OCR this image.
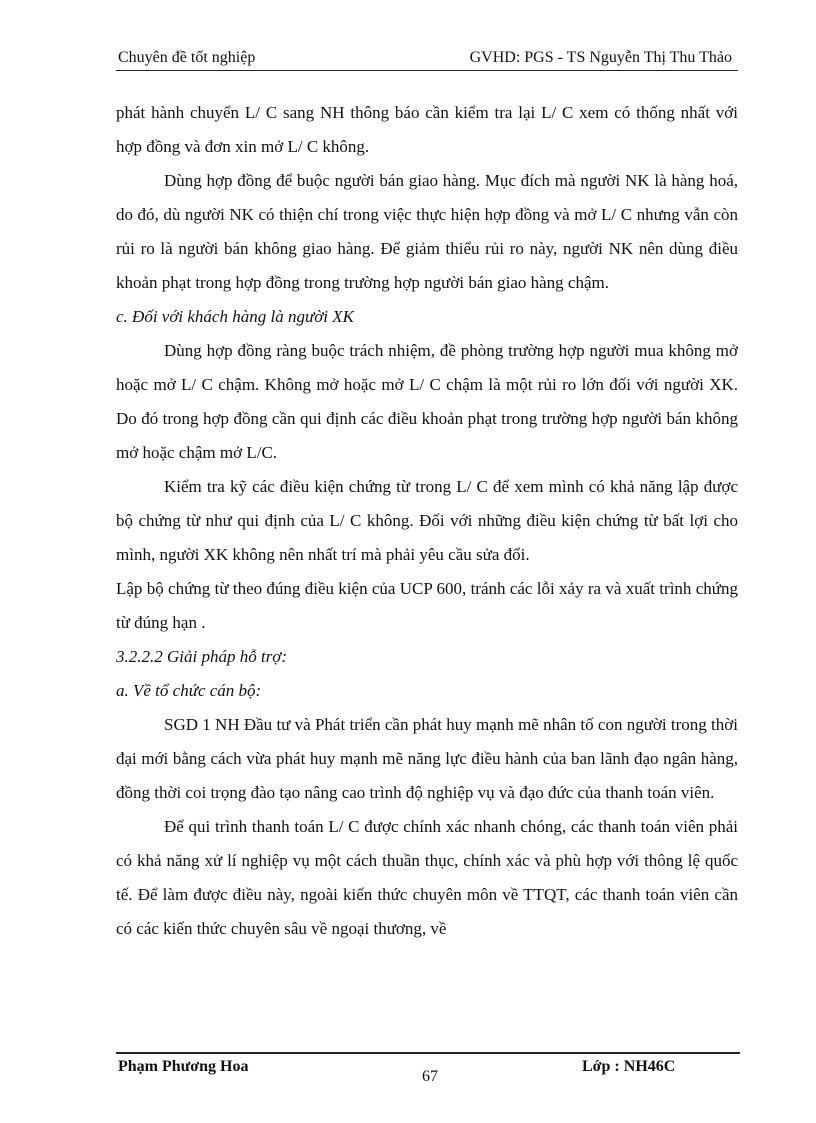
Chuyên đề tốt nghiệp	GVHD: PGS - TS Nguyễn Thị Thu Thảo

phát hành chuyển L/ C sang NH thông báo cần kiểm tra lại L/ C xem có thống nhất với hợp đồng và đơn xin mở L/ C không.

Dùng hợp đồng để buộc người bán giao hàng. Mục đích mà người NK là hàng hoá, do đó, dù người NK có thiện chí trong việc thực hiện hợp đồng và mở L/ C nhưng vẫn còn rủi ro là người bán không giao hàng. Để giảm thiểu rủi ro này, người NK nên dùng điều khoản phạt trong hợp đồng trong trường hợp người bán giao hàng chậm.

c. Đối với khách hàng là người XK

Dùng hợp đồng ràng buộc trách nhiệm, đề phòng trường hợp người mua không mở hoặc mở L/ C chậm. Không mở hoặc mở L/ C chậm là một rủi ro lớn đối với người XK. Do đó trong hợp đồng cần qui định các điều khoản phạt trong trường hợp người bán không mở hoặc chậm mở L/C.

Kiểm tra kỹ các điều kiện chứng từ trong L/ C để xem mình có khả năng lập được bộ chứng từ như qui định của L/ C không. Đối với những điều kiện chứng từ bất lợi cho mình, người XK không nên nhất trí mà phải yêu cầu sửa đổi.

Lập bộ chứng từ theo đúng điều kiện của UCP 600, tránh các lỗi xảy ra và xuất trình chứng từ đúng hạn .

3.2.2.2 Giải pháp hỗ trợ:

a. Về tổ chức cán bộ:

SGD 1 NH Đầu tư và Phát triển cần phát huy mạnh mẽ nhân tố con người trong thời đại mới bằng cách vừa phát huy mạnh mẽ năng lực điều hành của ban lãnh đạo ngân hàng, đồng thời coi trọng đào tạo nâng cao trình độ nghiệp vụ và đạo đức của thanh toán viên.

Để qui trình thanh toán L/ C được chính xác nhanh chóng, các thanh toán viên phải có khả năng xử lí nghiệp vụ một cách thuần thục, chính xác và phù hợp với thông lệ quốc tế. Để làm được điều này, ngoài kiến thức chuyên môn về TTQT, các thanh toán viên cần có các kiến thức chuyên sâu về ngoại thương, về

Phạm Phương Hoa
67
Lớp : NH46C
